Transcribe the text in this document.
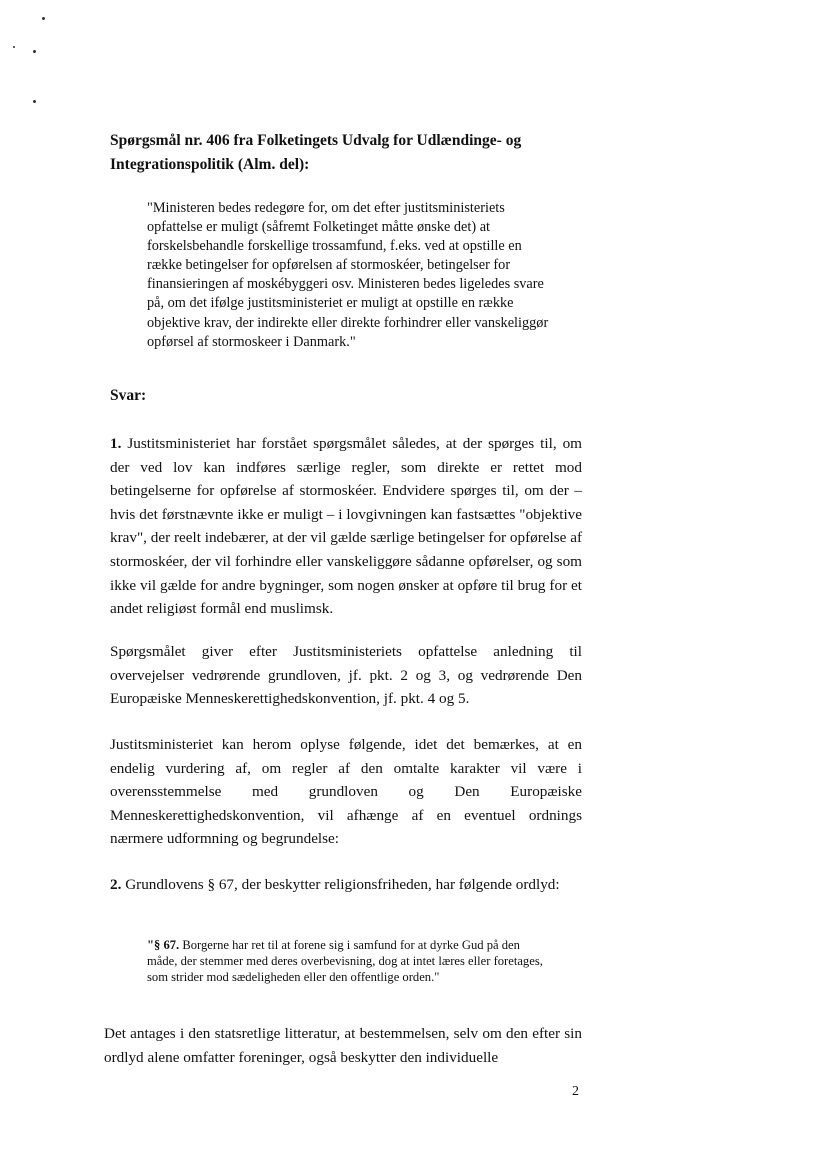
Spørgsmål nr. 406 fra Folketingets Udvalg for Udlændinge- og Integrationspolitik (Alm. del):
"Ministeren bedes redegøre for, om det efter justitsministeriets opfattelse er muligt (såfremt Folketinget måtte ønske det) at forskelsbehandle forskellige trossamfund, f.eks. ved at opstille en række betingelser for opførelsen af stormoskéer, betingelser for finansieringen af moskébyggeri osv. Ministeren bedes ligeledes svare på, om det ifølge justitsministeriet er muligt at opstille en række objektive krav, der indirekte eller direkte forhindrer eller vanskeliggør opførsel af stormoskeer i Danmark."
Svar:
1. Justitsministeriet har forstået spørgsmålet således, at der spørges til, om der ved lov kan indføres særlige regler, som direkte er rettet mod betingelserne for opførelse af stormoskéer. Endvidere spørges til, om der – hvis det førstnævnte ikke er muligt – i lovgivningen kan fastsættes "objektive krav", der reelt indebærer, at der vil gælde særlige betingelser for opførelse af stormoskéer, der vil forhindre eller vanskeliggøre sådanne opførelser, og som ikke vil gælde for andre bygninger, som nogen ønsker at opføre til brug for et andet religiøst formål end muslimsk.
Spørgsmålet giver efter Justitsministeriets opfattelse anledning til overvejelser vedrørende grundloven, jf. pkt. 2 og 3, og vedrørende Den Europæiske Menneskerettighedskonvention, jf. pkt. 4 og 5.
Justitsministeriet kan herom oplyse følgende, idet det bemærkes, at en endelig vurdering af, om regler af den omtalte karakter vil være i overensstemmelse med grundloven og Den Europæiske Menneskerettighedskonvention, vil afhænge af en eventuel ordnings nærmere udformning og begrundelse:
2. Grundlovens § 67, der beskytter religionsfriheden, har følgende ordlyd:
"§ 67. Borgerne har ret til at forene sig i samfund for at dyrke Gud på den måde, der stemmer med deres overbevisning, dog at intet læres eller foretages, som strider mod sædeligheden eller den offentlige orden."
Det antages i den statsretlige litteratur, at bestemmelsen, selv om den efter sin ordlyd alene omfatter foreninger, også beskytter den individuelle
2
